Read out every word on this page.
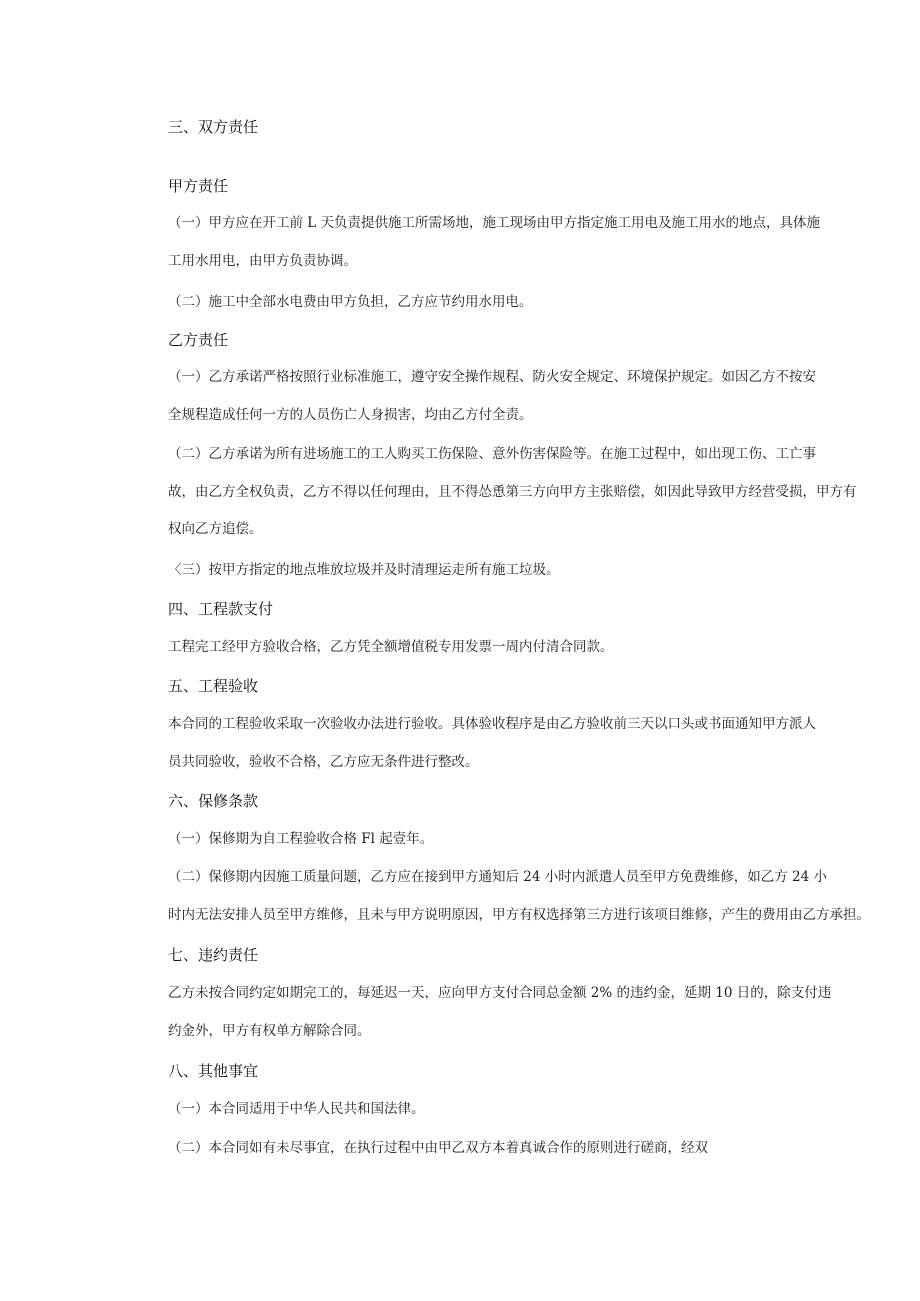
三、双方责任
甲方责任
（一）甲方应在开工前 L 天负责提供施工所需场地，施工现场由甲方指定施工用电及施工用水的地点，具体施
工用水用电，由甲方负责协调。
（二）施工中全部水电费由甲方负担，乙方应节约用水用电。
乙方责任
（一）乙方承诺严格按照行业标准施工，遵守安全操作规程、防火安全规定、环境保护规定。如因乙方不按安
全规程造成任何一方的人员伤亡人身损害，均由乙方付全责。
（二）乙方承诺为所有进场施工的工人购买工伤保险、意外伤害保险等。在施工过程中，如出现工伤、工亡事
故，由乙方全权负责，乙方不得以任何理由，且不得怂恿第三方向甲方主张赔偿，如因此导致甲方经营受损，甲方有
权向乙方追偿。
〈三）按甲方指定的地点堆放垃圾并及时清理运走所有施工垃圾。
四、工程款支付
工程完工经甲方验收合格，乙方凭全额增值税专用发票一周内付清合同款。
五、工程验收
本合同的工程验收采取一次验收办法进行验收。具体验收程序是由乙方验收前三天以口头或书面通知甲方派人
员共同验收，验收不合格，乙方应无条件进行整改。
六、保修条款
（一）保修期为自工程验收合格 Fl 起壹年。
（二）保修期内因施工质量问题，乙方应在接到甲方通知后 24 小时内派遣人员至甲方免费维修，如乙方 24 小
时内无法安排人员至甲方维修，且未与甲方说明原因，甲方有权选择第三方进行该项目维修，产生的费用由乙方承担。
七、违约责任
乙方未按合同约定如期完工的，每延迟一天，应向甲方支付合同总金额 2% 的违约金，延期 10 日的，除支付违
约金外，甲方有权单方解除合同。
八、其他事宜
（一）本合同适用于中华人民共和国法律。
（二）本合同如有未尽事宜，在执行过程中由甲乙双方本着真诚合作的原则进行磋商，经双
